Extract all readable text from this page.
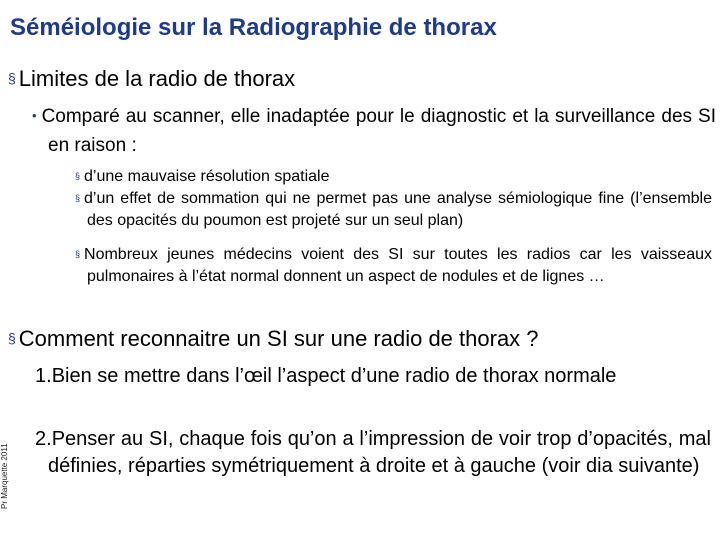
Séméiologie sur la Radiographie de thorax
§ Limites de la radio de thorax
• Comparé au scanner, elle inadaptée pour le diagnostic et la surveillance des SI en raison :
§ d’une mauvaise résolution spatiale
§ d’un effet de sommation qui ne permet pas une analyse sémiologique fine (l’ensemble des opacités du poumon est projeté sur un seul plan)
§ Nombreux jeunes médecins voient des SI sur toutes les radios car les vaisseaux pulmonaires à l’état normal donnent un aspect de nodules et de lignes …
§ Comment reconnaitre un SI sur une radio de thorax ?
1.Bien se mettre dans l’œil l’aspect d’une radio de thorax normale
2.Penser au SI, chaque fois qu’on a l’impression de voir trop d’opacités, mal définies, réparties symétriquement à droite et à gauche (voir dia suivante)
Pr Marquette 2011
